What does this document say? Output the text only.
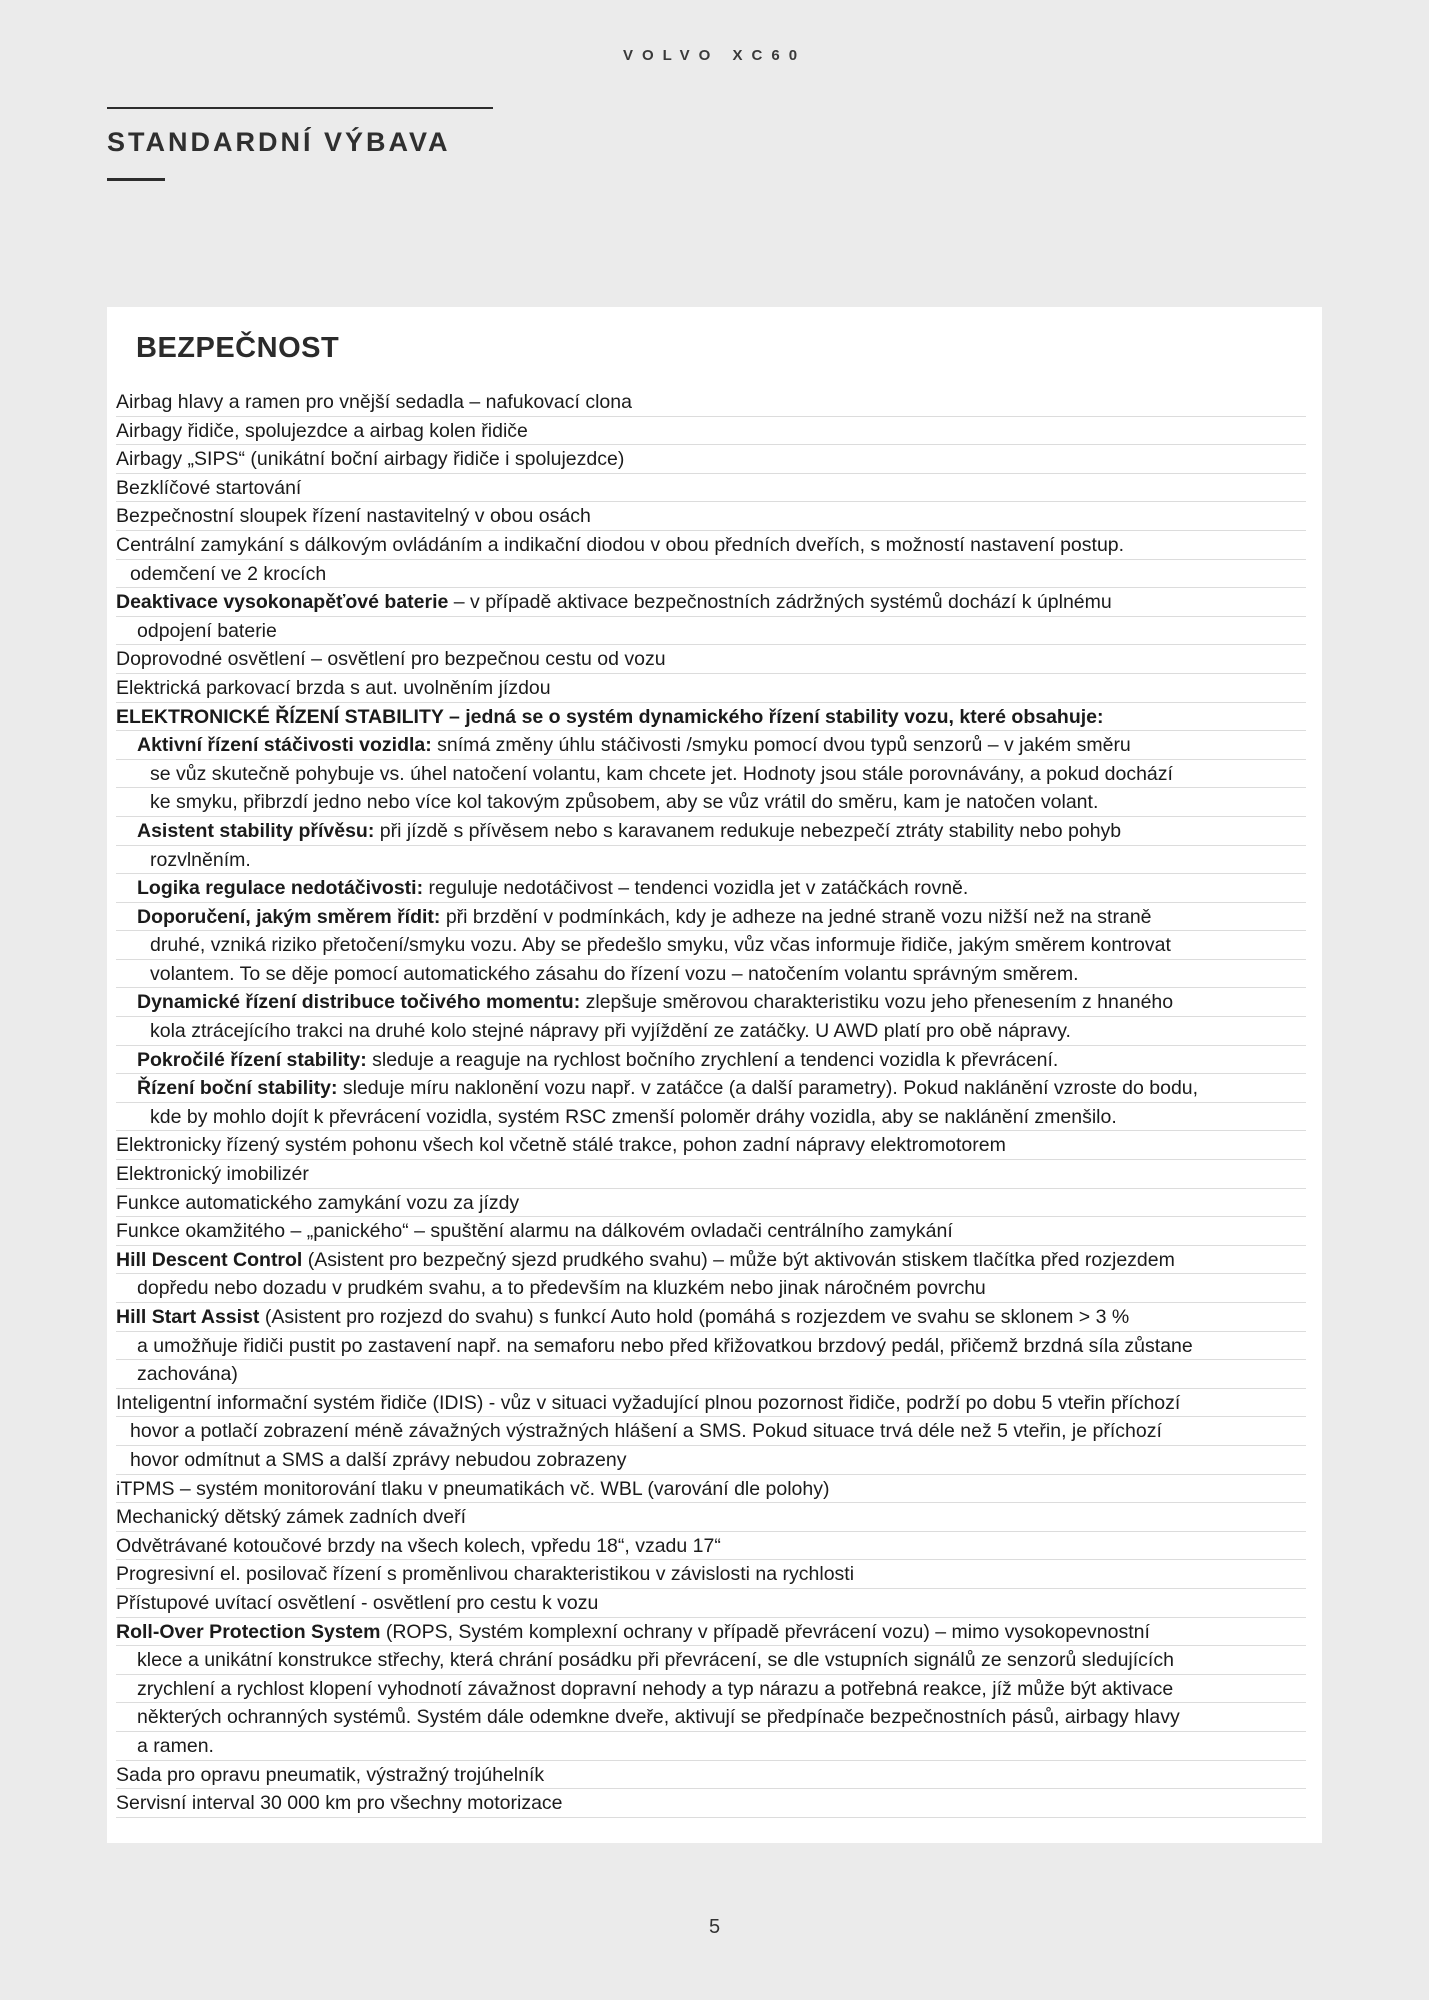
VOLVO XC60
STANDARDNÍ VÝBAVA
BEZPEČNOST
Airbag hlavy a ramen pro vnější sedadla – nafukovací clona
Airbagy řidiče, spolujezdce a airbag kolen řidiče
Airbagy „SIPS“ (unikátní boční airbagy řidiče i spolujezdce)
Bezklíčové startování
Bezpečnostní sloupek řízení nastavitelný v obou osách
Centrální zamykání s dálkovým ovládáním a indikační diodou v obou předních dveřích, s možností nastavení postup.
odemčení ve 2 krocích
Deaktivace vysokonapěťové baterie – v případě aktivace bezpečnostních zádržných systémů dochází k úplnému
odpojení baterie
Doprovodné osvětlení – osvětlení pro bezpečnou cestu od vozu
Elektrická parkovací brzda s aut. uvolněním jízdou
ELEKTRONICKÉ ŘÍZENÍ STABILITY – jedná se o systém dynamického řízení stability vozu, které obsahuje:
Aktivní řízení stáčivosti vozidla: snímá změny úhlu stáčivosti /smyku pomocí dvou typů senzorů – v jakém směru
se vůz skutečně pohybuje vs. úhel natočení volantu, kam chcete jet. Hodnoty jsou stále porovnávány, a pokud dochází
ke smyku, přibrzdí jedno nebo více kol takovým způsobem, aby se vůz vrátil do směru, kam je natočen volant.
Asistent stability přívěsu: při jízdě s přívěsem nebo s karavanem redukuje nebezpečí ztráty stability nebo pohyb
rozvlněním.
Logika regulace nedotáčivosti: reguluje nedotáčivost – tendenci vozidla jet v zatáčkách rovně.
Doporučení, jakým směrem řídit: při brzdění v podmínkách, kdy je adheze na jedné straně vozu nižší než na straně
druhé, vzniká riziko přetočení/smyku vozu. Aby se předešlo smyku, vůz včas informuje řidiče, jakým směrem kontrovat
volantem. To se děje pomocí automatického zásahu do řízení vozu – natočením volantu správným směrem.
Dynamické řízení distribuce točivého momentu: zlepšuje směrovou charakteristiku vozu jeho přenesením z hnaného
kola ztrácejícího trakci na druhé kolo stejné nápravy při vyjíždění ze zatáčky. U AWD platí pro obě nápravy.
Pokročilé řízení stability: sleduje a reaguje na rychlost bočního zrychlení a tendenci vozidla k převrácení.
Řízení boční stability: sleduje míru naklonění vozu např. v zatáčce (a další parametry). Pokud naklánění vzroste do bodu,
kde by mohlo dojít k převrácení vozidla, systém RSC zmenší poloměr dráhy vozidla, aby se naklánění zmenšilo.
Elektronicky řízený systém pohonu všech kol včetně stálé trakce, pohon zadní nápravy elektromotorem
Elektronický imobilizér
Funkce automatického zamykání vozu za jízdy
Funkce okamžitého – „panického“ – spuštění alarmu na dálkovém ovladači centrálního zamykání
Hill Descent Control (Asistent pro bezpečný sjezd prudkého svahu) – může být aktivován stiskem tlačítka před rozjezdem
dopředu nebo dozadu v prudkém svahu, a to především na kluzkém nebo jinak náročném povrchu
Hill Start Assist (Asistent pro rozjezd do svahu) s funkcí Auto hold (pomáhá s rozjezdem ve svahu se sklonem > 3 %
a umožňuje řidiči pustit po zastavení např. na semaforu nebo před křižovatkou brzdový pedál, přičemž brzdná síla zůstane
zachována)
Inteligentní informační systém řidiče (IDIS) - vůz v situaci vyžadující plnou pozornost řidiče, podrží po dobu 5 vteřin příchozí
hovor a potlačí zobrazení méně závažných výstražných hlášení a SMS. Pokud situace trvá déle než 5 vteřin, je příchozí
hovor odmítnut a SMS a další zprávy nebudou zobrazeny
iTPMS – systém monitorování tlaku v pneumatikách vč. WBL (varování dle polohy)
Mechanický dětský zámek zadních dveří
Odvětrávané kotoučové brzdy na všech kolech, vpředu 18“, vzadu 17“
Progresivní el. posilovač řízení s proměnlivou charakteristikou v závislosti na rychlosti
Přístupové uvítací osvětlení - osvětlení pro cestu k vozu
Roll-Over Protection System (ROPS, Systém komplexní ochrany v případě převrácení vozu) – mimo vysokopevnostní
klece a unikátní konstrukce střechy, která chrání posádku při převrácení, se dle vstupních signálů ze senzorů sledujících
zrychlení a rychlost klopení vyhodnotí závažnost dopravní nehody a typ nárazu a potřebná reakce, jíž může být aktivace
některých ochranných systémů. Systém dále odemkne dveře, aktivují se předpínače bezpečnostních pásů, airbagy hlavy
a ramen.
Sada pro opravu pneumatik, výstražný trojúhelník
Servisní interval 30 000 km pro všechny motorizace
5
